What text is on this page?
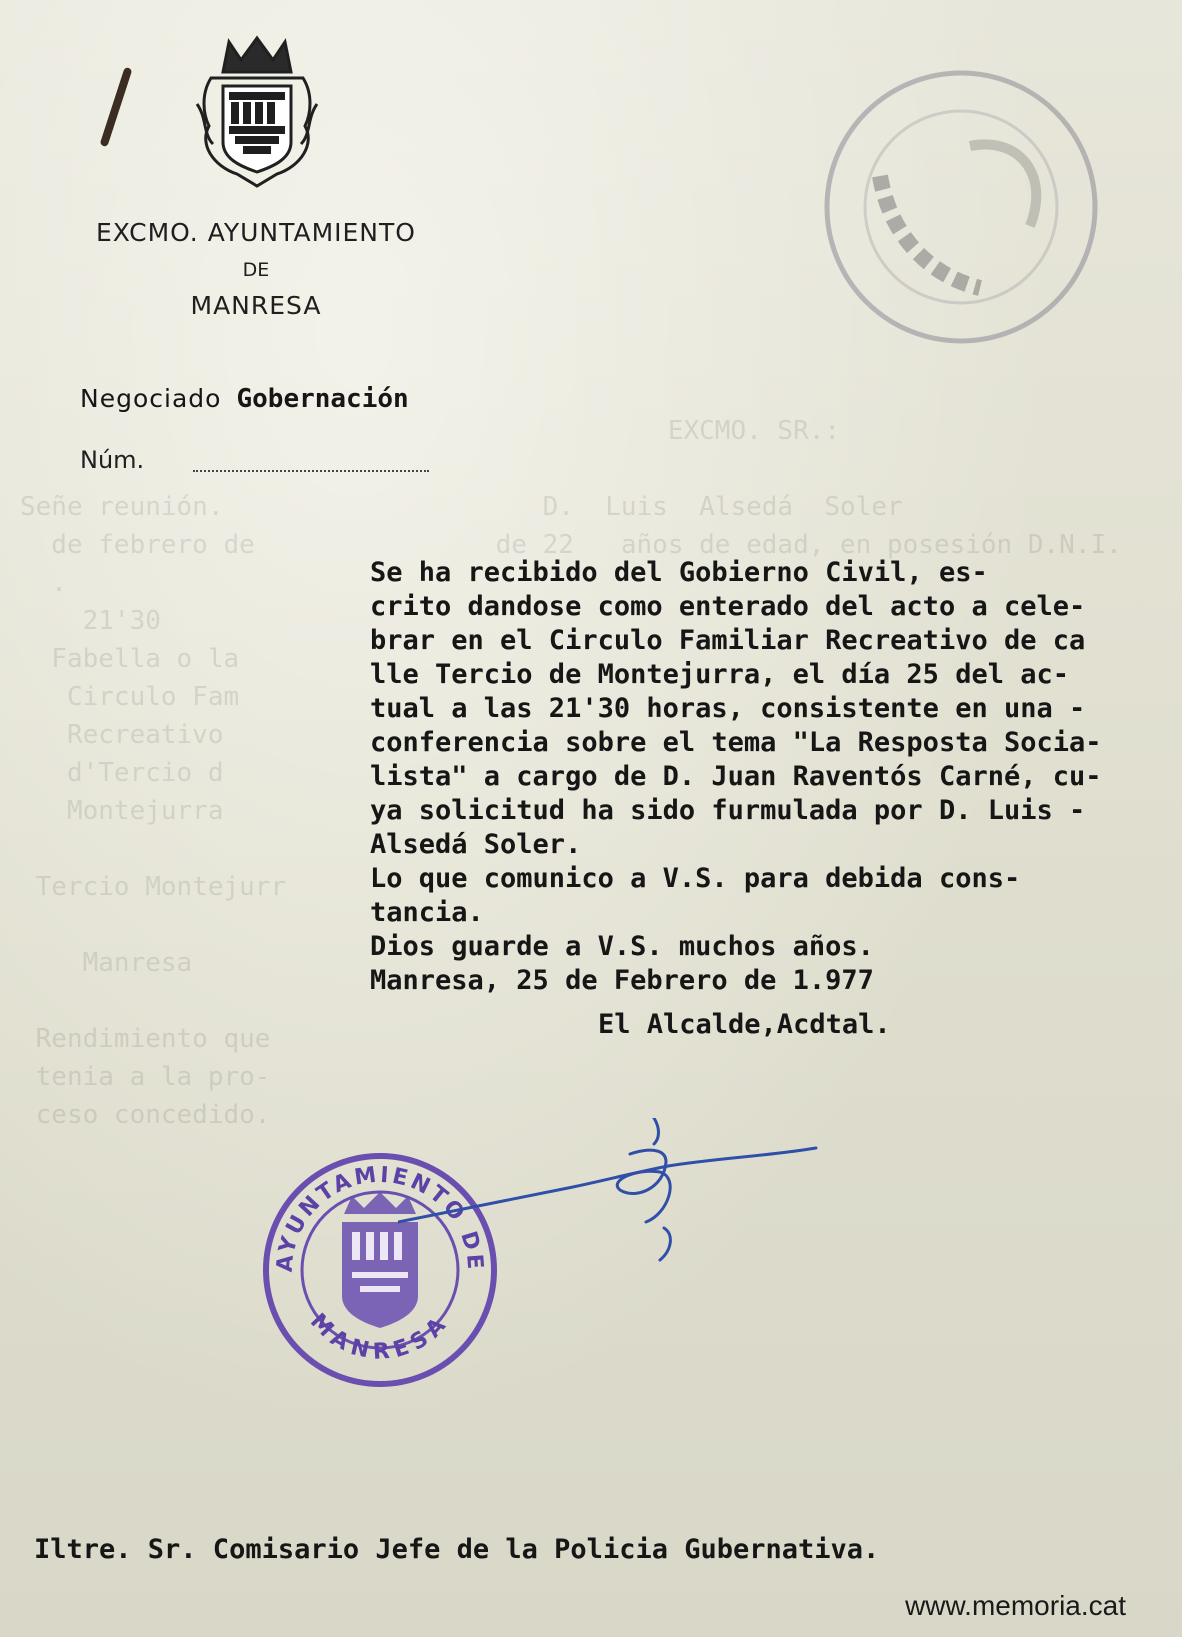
Señe reunión.
de febrero de
.
21'30
Fabella o la
Circulo Fam
Recreativo
d'Tercio d
Montejurra

Tercio Montejurr

Manresa

Rendimiento que
tenia a la pro-
ceso concedido.
EXCMO. SR.:

D.  Luis  Alsedá  Soler
de 22   años de edad, en posesión D.N.I.

EXCMO. AYUNTAMIENTO
DE
MANRESA
Negociado Gobernación
Núm.

Se ha recibido del Gobierno Civil, es-

crito dandose como enterado del acto a cele-

brar en el Circulo Familiar Recreativo de ca

lle Tercio de Montejurra, el día 25 del ac-

tual a las 21'30 horas, consistente en una -

conferencia sobre el tema "La Resposta Socia-

lista" a cargo de D. Juan Raventós Carné, cu-

ya solicitud ha sido furmulada por D. Luis -

Alsedá Soler.

Lo que comunico a V.S. para debida cons-

tancia.

Dios guarde a V.S. muchos años.

Manresa, 25 de Febrero de 1.977

El Alcalde,Acdtal.

AYUNTAMIENTO DE
MANRESA
Iltre. Sr. Comisario Jefe de la Policia Gubernativa.
www.memoria.cat
